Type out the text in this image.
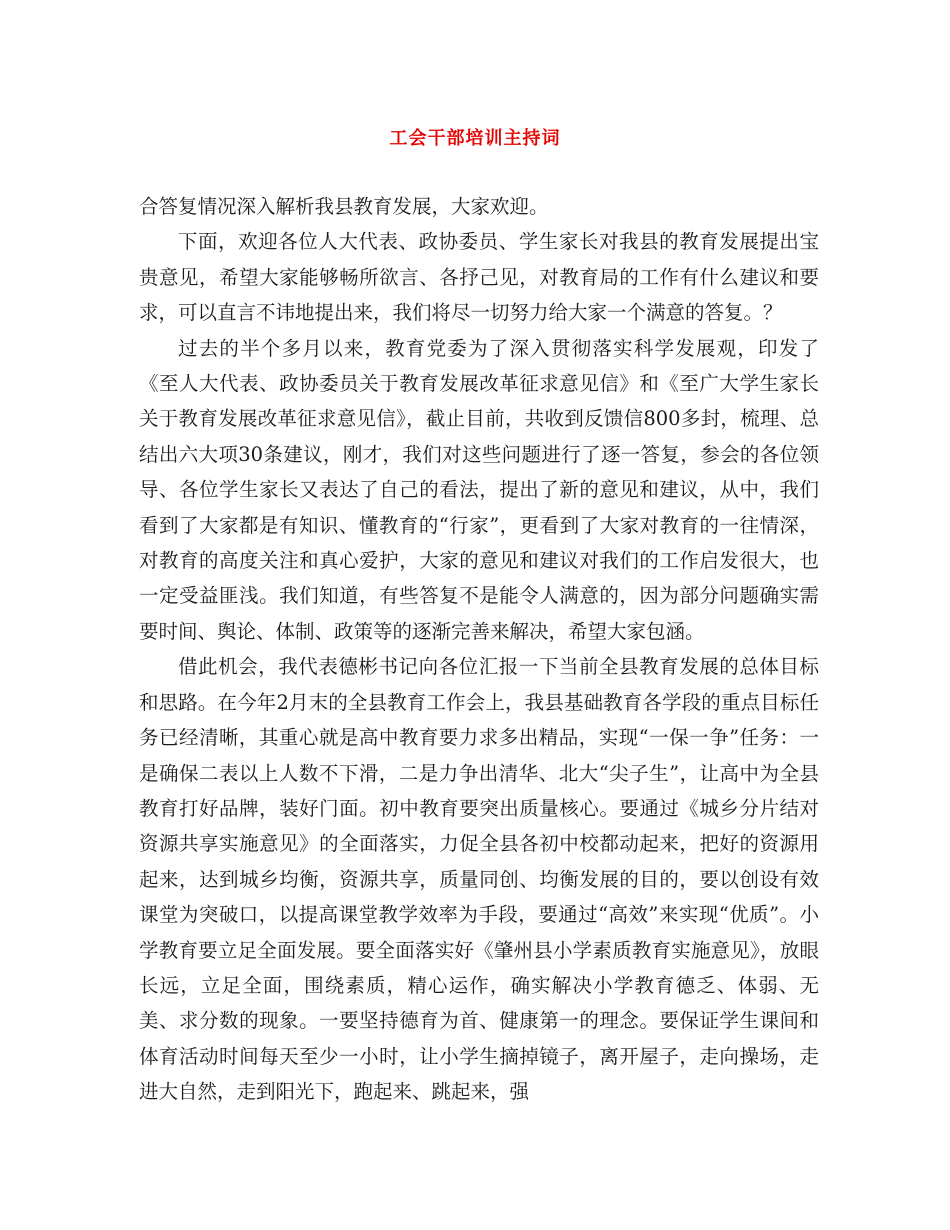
工会干部培训主持词

合答复情况深入解析我县教育发展，大家欢迎。

下面，欢迎各位人大代表、政协委员、学生家长对我县的教育发展提出宝贵意见，希望大家能够畅所欲言、各抒己见，对教育局的工作有什么建议和要求，可以直言不讳地提出来，我们将尽一切努力给大家一个满意的答复。？

过去的半个多月以来，教育党委为了深入贯彻落实科学发展观，印发了《至人大代表、政协委员关于教育发展改革征求意见信》和《至广大学生家长关于教育发展改革征求意见信》，截止目前，共收到反馈信800多封，梳理、总结出六大项30条建议，刚才，我们对这些问题进行了逐一答复，参会的各位领导、各位学生家长又表达了自己的看法，提出了新的意见和建议，从中，我们看到了大家都是有知识、懂教育的“行家”，更看到了大家对教育的一往情深，对教育的高度关注和真心爱护，大家的意见和建议对我们的工作启发很大，也一定受益匪浅。我们知道，有些答复不是能令人满意的，因为部分问题确实需要时间、舆论、体制、政策等的逐渐完善来解决，希望大家包涵。

借此机会，我代表德彬书记向各位汇报一下当前全县教育发展的总体目标和思路。在今年2月末的全县教育工作会上，我县基础教育各学段的重点目标任务已经清晰，其重心就是高中教育要力求多出精品，实现“一保一争”任务：一是确保二表以上人数不下滑，二是力争出清华、北大“尖子生”，让高中为全县教育打好品牌，装好门面。初中教育要突出质量核心。要通过《城乡分片结对资源共享实施意见》的全面落实，力促全县各初中校都动起来，把好的资源用起来，达到城乡均衡，资源共享，质量同创、均衡发展的目的，要以创设有效课堂为突破口，以提高课堂教学效率为手段，要通过“高效”来实现“优质”。小学教育要立足全面发展。要全面落实好《肇州县小学素质教育实施意见》，放眼长远，立足全面，围绕素质，精心运作，确实解决小学教育德乏、体弱、无美、求分数的现象。一要坚持德育为首、健康第一的理念。要保证学生课间和体育活动时间每天至少一小时，让小学生摘掉镜子，离开屋子，走向操场，走进大自然，走到阳光下，跑起来、跳起来，强
